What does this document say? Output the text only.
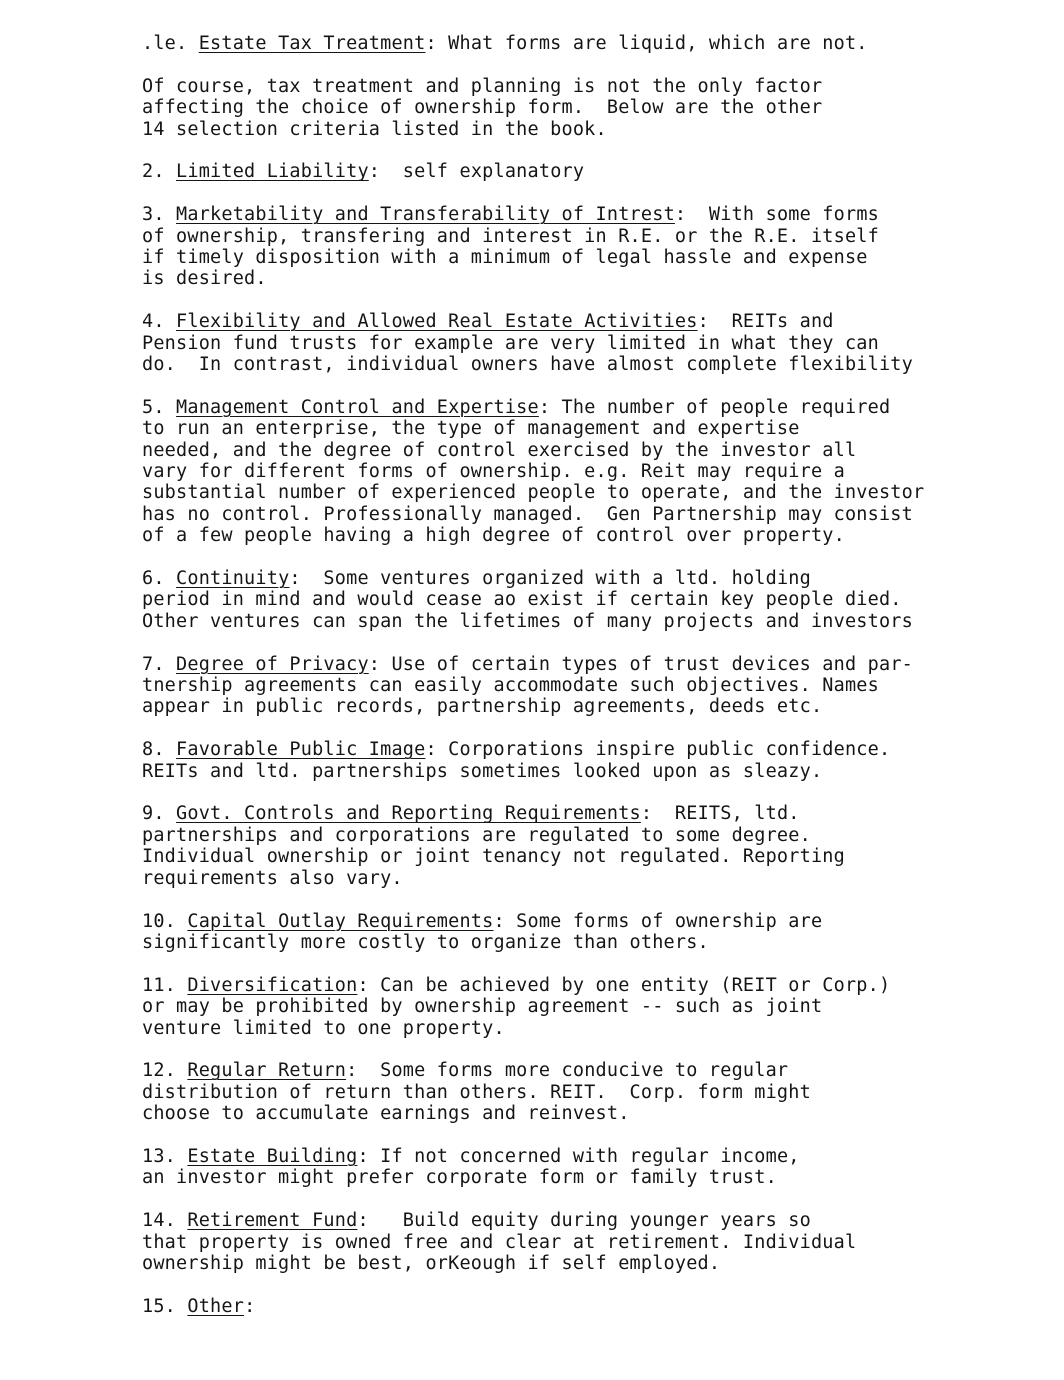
.le. Estate Tax Treatment: What forms are liquid, which are not.
Of course, tax treatment and planning is not the only factor
affecting the choice of ownership form.  Below are the other
14 selection criteria listed in the book.
2. Limited Liability:  self explanatory
3. Marketability and Transferability of Intrest:  With some forms
of ownership, transfering and interest in R.E. or the R.E. itself
if timely disposition with a minimum of legal hassle and expense
is desired.
4. Flexibility and Allowed Real Estate Activities:  REITs and
Pension fund trusts for example are very limited in what they can
do.  In contrast, individual owners have almost complete flexibility
5. Management Control and Expertise: The number of people required
to run an enterprise, the type of management and expertise
needed, and the degree of control exercised by the investor all
vary for different forms of ownership. e.g. Reit may require a
substantial number of experienced people to operate, and the investor
has no control. Professionally managed.  Gen Partnership may consist
of a few people having a high degree of control over property.
6. Continuity:  Some ventures organized with a ltd. holding
period in mind and would cease ao exist if certain key people died.
Other ventures can span the lifetimes of many projects and investors
7. Degree of Privacy: Use of certain types of trust devices and par-
tnership agreements can easily accommodate such objectives. Names
appear in public records, partnership agreements, deeds etc.
8. Favorable Public Image: Corporations inspire public confidence.
REITs and ltd. partnerships sometimes looked upon as sleazy.
9. Govt. Controls and Reporting Requirements:  REITS, ltd.
partnerships and corporations are regulated to some degree.
Individual ownership or joint tenancy not regulated. Reporting
requirements also vary.
10. Capital Outlay Requirements: Some forms of ownership are
significantly more costly to organize than others.
11. Diversification: Can be achieved by one entity (REIT or Corp.)
or may be prohibited by ownership agreement -- such as joint
venture limited to one property.
12. Regular Return:  Some forms more conducive to regular
distribution of return than others. REIT.  Corp. form might
choose to accumulate earnings and reinvest.
13. Estate Building: If not concerned with regular income,
an investor might prefer corporate form or family trust.
14. Retirement Fund:   Build equity during younger years so
that property is owned free and clear at retirement. Individual
ownership might be best, orKeough if self employed.
15. Other:
